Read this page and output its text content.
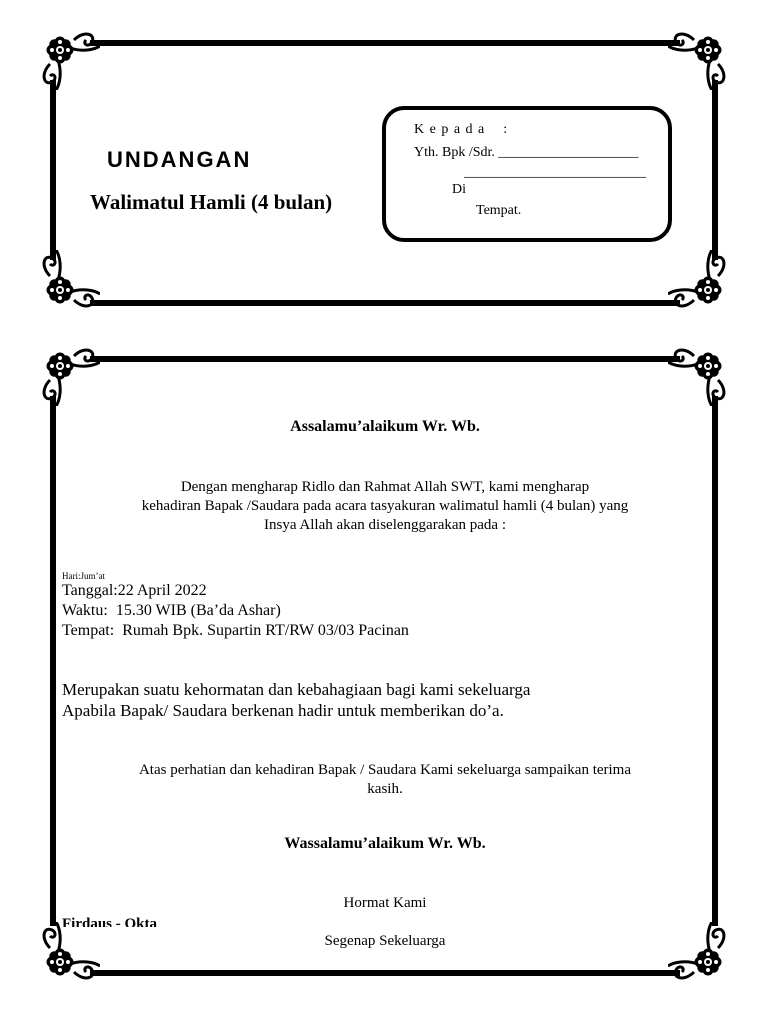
UNDANGAN
Walimatul Hamli (4 bulan)
K e p a d a    :
Yth. Bpk /Sdr. ____________________
__________________________
Di
Tempat.
Assalamu’alaikum Wr. Wb.
Dengan mengharap Ridlo dan Rahmat Allah SWT, kami mengharap
kehadiran Bapak /Saudara pada acara tasyakuran walimatul hamli (4 bulan) yang
Insya Allah akan diselenggarakan pada :
Hari:Jum’at
Tanggal:22 April 2022
Waktu:  15.30 WIB (Ba’da Ashar)
Tempat:  Rumah Bpk. Supartin RT/RW 03/03 Pacinan
Merupakan suatu kehormatan dan kebahagiaan bagi kami sekeluarga
Apabila Bapak/ Saudara berkenan hadir untuk memberikan do’a.
Atas perhatian dan kehadiran Bapak / Saudara Kami sekeluarga sampaikan terima
kasih.
Wassalamu’alaikum Wr. Wb.
Hormat Kami
Firdaus - Okta
Segenap Sekeluarga
